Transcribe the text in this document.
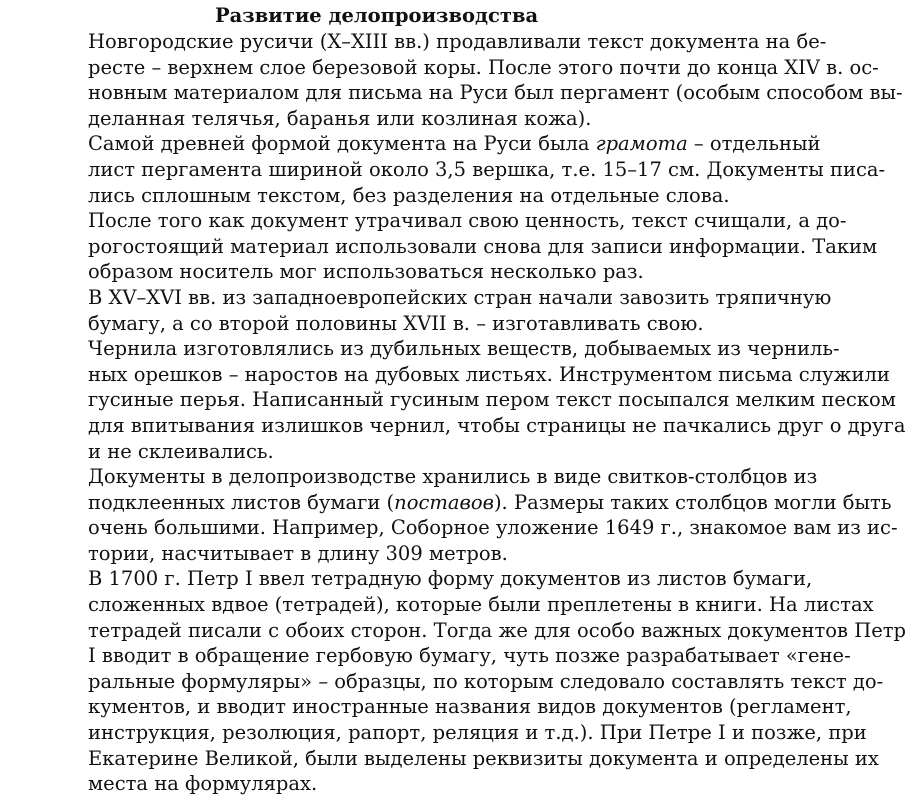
Развитие делопроизводства
Новгородские русичи (X–XIII вв.) продавливали текст документа на бе-
ресте – верхнем слое березовой коры. После этого почти до конца XIV в. ос-
новным материалом для письма на Руси был пергамент (особым способом вы-
деланная телячья, баранья или козлиная кожа).
Самой древней формой документа на Руси была грамота – отдельный
лист пергамента шириной около 3,5 вершка, т.е. 15–17 см. Документы писа-
лись сплошным текстом, без разделения на отдельные слова.
После того как документ утрачивал свою ценность, текст счищали, а до-
рогостоящий материал использовали снова для записи информации. Таким
образом носитель мог использоваться несколько раз.
В XV–XVI вв. из западноевропейских стран начали завозить тряпичную
бумагу, а со второй половины XVII в. – изготавливать свою.
Чернила изготовлялись из дубильных веществ, добываемых из черниль-
ных орешков – наростов на дубовых листьях. Инструментом письма служили
гусиные перья. Написанный гусиным пером текст посыпался мелким песком
для впитывания излишков чернил, чтобы страницы не пачкались друг о друга
и не склеивались.
Документы в делопроизводстве хранились в виде свитков-столбцов из
подклеенных листов бумаги (поставов). Размеры таких столбцов могли быть
очень большими. Например, Соборное уложение 1649 г., знакомое вам из ис-
тории, насчитывает в длину 309 метров.
В 1700 г. Петр I ввел тетрадную форму документов из листов бумаги,
сложенных вдвое (тетрадей), которые были преплетены в книги. На листах
тетрадей писали с обоих сторон. Тогда же для особо важных документов Петр
I вводит в обращение гербовую бумагу, чуть позже разрабатывает «гене-
ральные формуляры» – образцы, по которым следовало составлять текст до-
кументов, и вводит иностранные названия видов документов (регламент,
инструкция, резолюция, рапорт, реляция и т.д.). При Петре I и позже, при
Екатерине Великой, были выделены реквизиты документа и определены их
места на формулярах.
